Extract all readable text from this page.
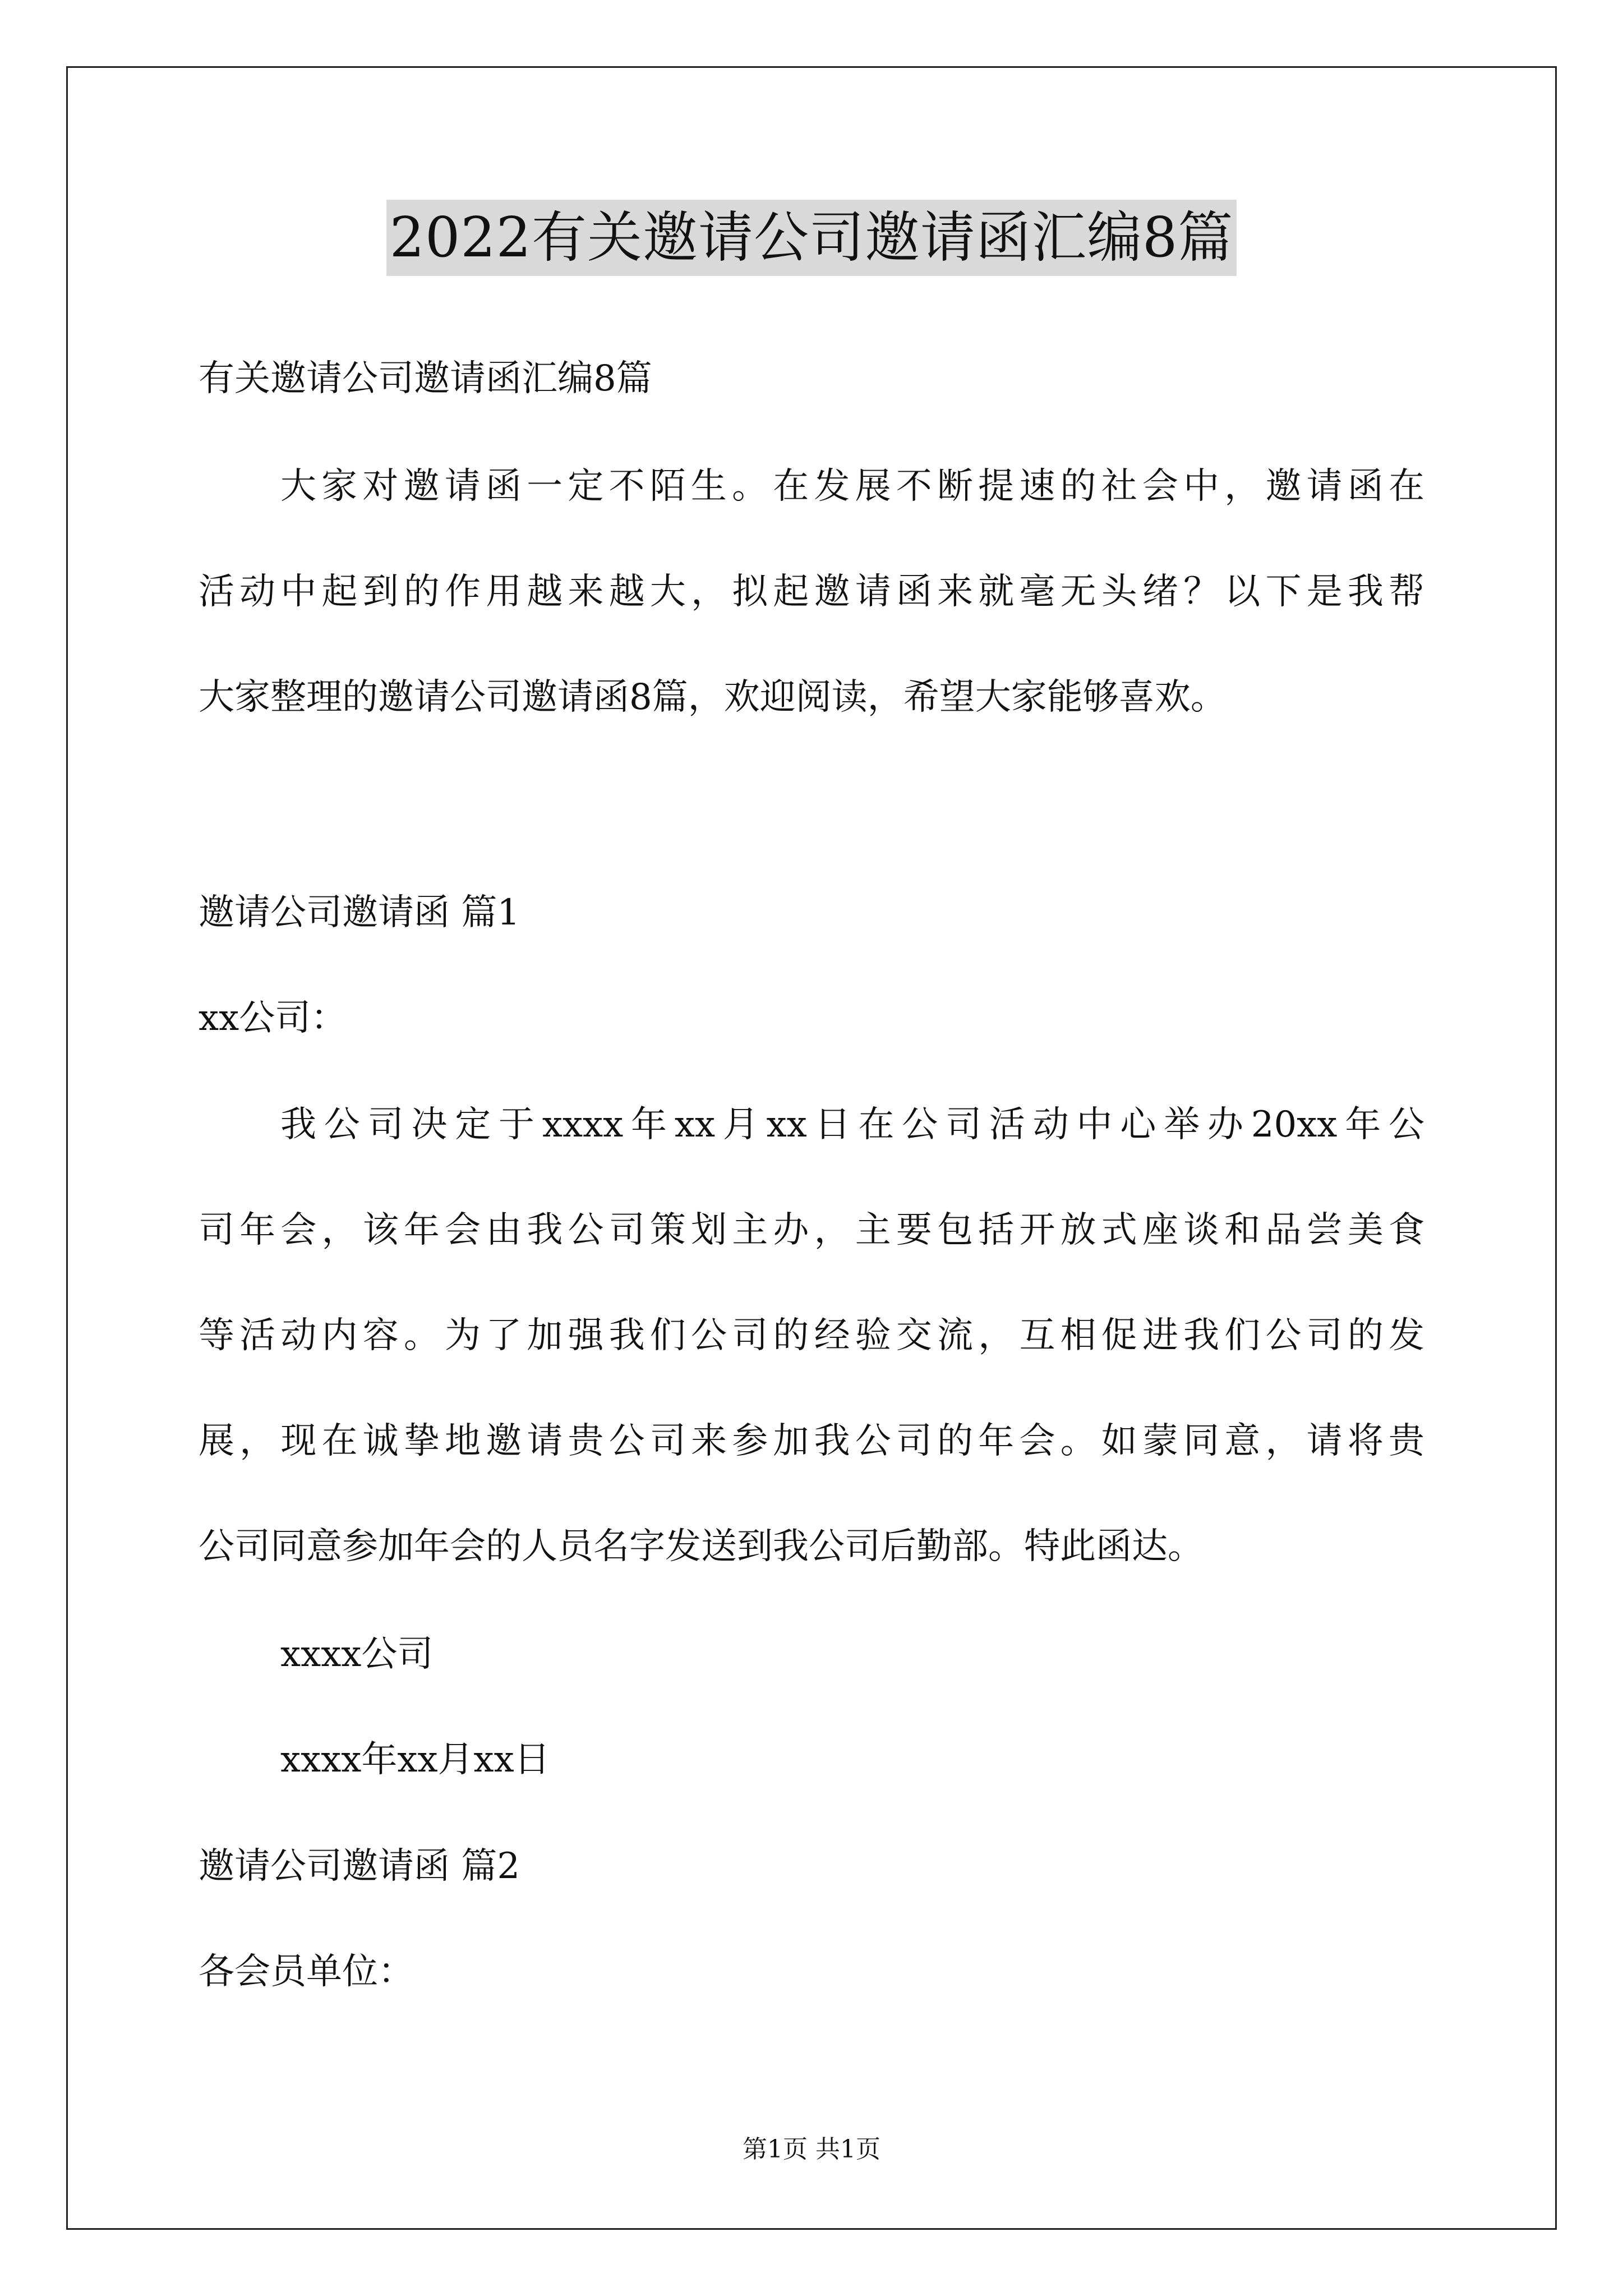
2022有关邀请公司邀请函汇编8篇
有关邀请公司邀请函汇编8篇
大家对邀请函一定不陌生。在发展不断提速的社会中，邀请函在
活动中起到的作用越来越大，拟起邀请函来就毫无头绪？以下是我帮
大家整理的邀请公司邀请函8篇，欢迎阅读，希望大家能够喜欢。
邀请公司邀请函 篇1
xx公司：
我公司决定于xxxx年xx月xx日在公司活动中心举办20xx年公
司年会，该年会由我公司策划主办，主要包括开放式座谈和品尝美食
等活动内容。为了加强我们公司的经验交流，互相促进我们公司的发
展，现在诚挚地邀请贵公司来参加我公司的年会。如蒙同意，请将贵
公司同意参加年会的人员名字发送到我公司后勤部。特此函达。
xxxx公司
xxxx年xx月xx日
邀请公司邀请函 篇2
各会员单位：
第1页 共1页
